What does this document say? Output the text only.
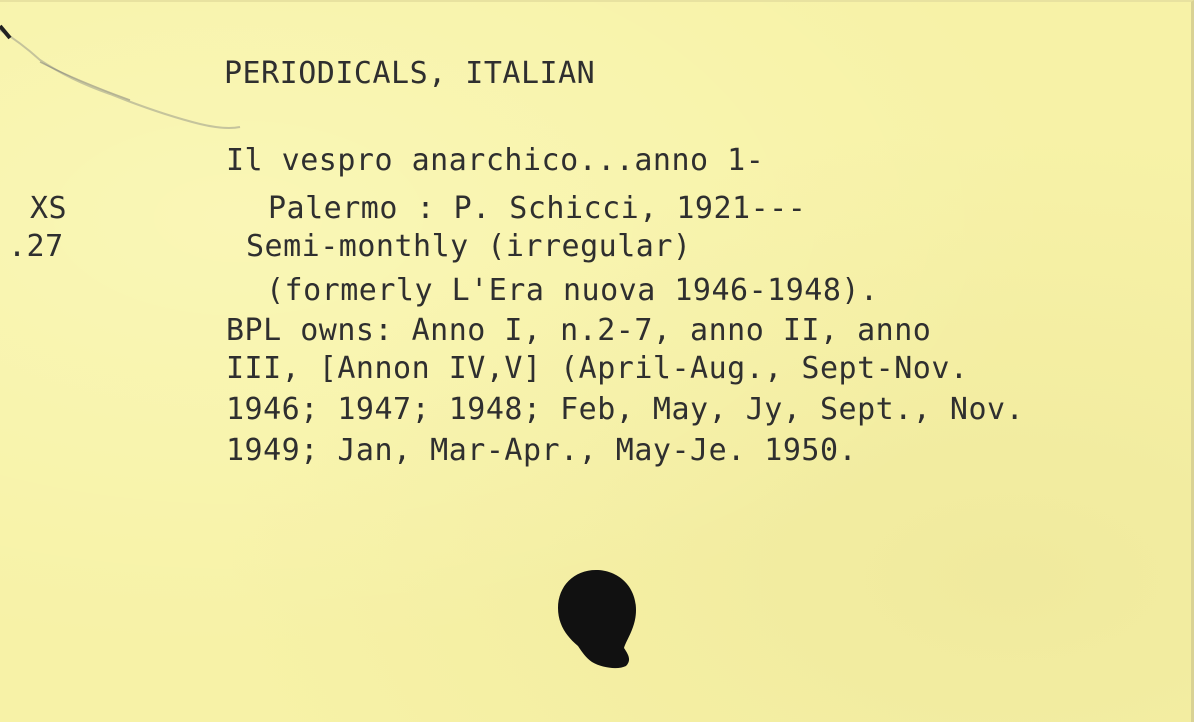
PERIODICALS, ITALIAN
XS
.27
Il vespro anarchico...anno 1-
Palermo : P. Schicci, 1921---
Semi-monthly (irregular)
(formerly L'Era nuova 1946-1948).
BPL owns: Anno I, n.2-7, anno II, anno
III, [Annon IV,V] (April-Aug., Sept-Nov.
1946; 1947; 1948; Feb, May, Jy, Sept., Nov.
1949; Jan, Mar-Apr., May-Je. 1950.
